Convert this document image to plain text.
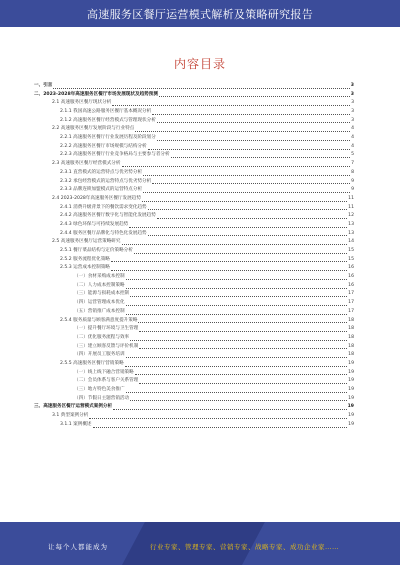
高速服务区餐厅运营模式解析及策略研究报告
内容目录
一、引言	3
二、2023-2028年高速服务区餐厅市场发展现状及趋势预测	3
2.1 高速服务区餐厅现状分析	3
2.1.1 我国高速公路服务区餐厅基本概况分析	3
2.1.2 高速服务区餐厅经营模式与管理现状分析	3
2.2 高速服务区餐厅发展阶段与行业特点	4
2.2.1 高速服务区餐厅行业发展历程及阶段划分	4
2.2.2 高速服务区餐厅市场规模与结构分析	4
2.2.3 高速服务区餐厅行业竞争格局与主要参与者分析	5
2.3 高速服务区餐厅经营模式分析	7
2.3.1 直营模式的运营特点与优劣势分析	8
2.3.2 承包经营模式的运营特点与优劣势分析	9
2.3.3 品牌连锁加盟模式的运营特点分析	9
2.4 2023-2028年高速服务区餐厅发展趋势	11
2.4.1 消费升级背景下的餐饮需求变化趋势	11
2.4.2 高速服务区餐厅数字化与智能化发展趋势	12
2.4.3 绿色环保与可持续发展趋势	13
2.4.4 服务区餐厅品牌化与特色化发展趋势	13
2.5 高速服务区餐厅运营策略研究	14
2.5.1 餐厅菜品结构与定价策略分析	15
2.5.2 服务流程优化策略	15
2.5.3 运营成本控制策略	16
（一）食材采购成本控制	16
（二）人力成本控制策略	16
（三）能源与损耗成本控制	17
（四）运营管理成本优化	17
（五）营销推广成本控制	17
2.5.4 服务质量与顾客满意度提升策略	18
（一）提升餐厅环境与卫生管理	18
（二）优化服务流程与效率	18
（三）建立顾客反馈与评价机制	18
（四）开展员工服务培训	18
2.5.5 高速服务区餐厅营销策略	19
（一）线上线下融合营销策略	19
（二）会员体系与客户关系管理	19
（三）地方特色美食推广	19
（四）节假日主题营销活动	19
三、高速服务区餐厅运营模式案例分析	19
3.1 典型案例分析	19
3.1.1 案例概述	19
让每个人都能成为	行业专家、管理专家、营销专家、战略专家、成功企业家……
